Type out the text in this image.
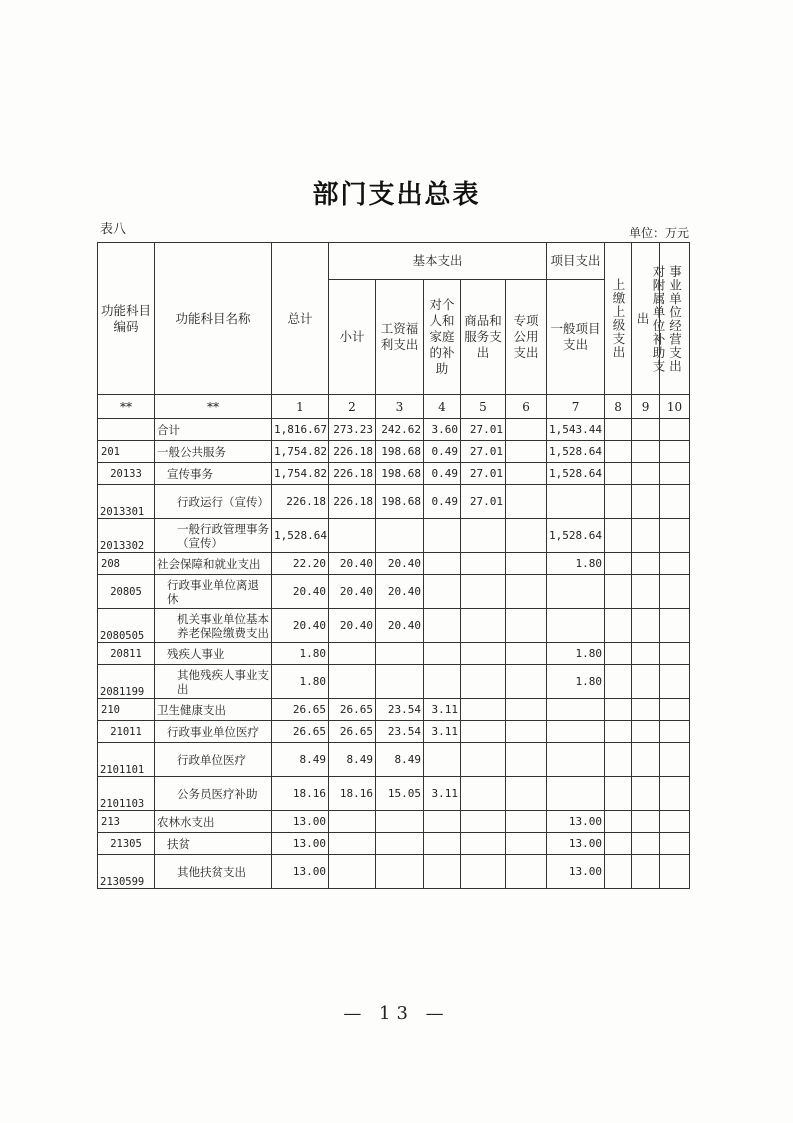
部门支出总表
表八	单位：万元
功能科目编码	功能科目名称	总计	基本支出					项目支出	上缴上级支出	对附属单位补助支出	事业单位经营支出

			小计	工资福利支出	对个人和家庭的补助	商品和服务支出	专项公用支出	一般项目支出			
**	**	1	2	3	4	5	6	7	8	9	10
	合计	1,816.67	273.23	242.62	3.60	27.01		1,543.44			
201	一般公共服务	1,754.82	226.18	198.68	0.49	27.01		1,528.64			
20133	宣传事务	1,754.82	226.18	198.68	0.49	27.01		1,528.64			
2013301	行政运行（宣传）	226.18	226.18	198.68	0.49	27.01					
2013302	一般行政管理事务（宣传）	1,528.64						1,528.64			
208	社会保障和就业支出	22.20	20.40	20.40				1.80			
20805	行政事业单位离退休	20.40	20.40	20.40							
2080505	机关事业单位基本养老保险缴费支出	20.40	20.40	20.40							
20811	残疾人事业	1.80						1.80			
2081199	其他残疾人事业支出	1.80						1.80			
210	卫生健康支出	26.65	26.65	23.54	3.11						
21011	行政事业单位医疗	26.65	26.65	23.54	3.11						
2101101	行政单位医疗	8.49	8.49	8.49							
2101103	公务员医疗补助	18.16	18.16	15.05	3.11						
213	农林水支出	13.00						13.00			
21305	扶贫	13.00						13.00			
2130599	其他扶贫支出	13.00						13.00			
— 13 —
